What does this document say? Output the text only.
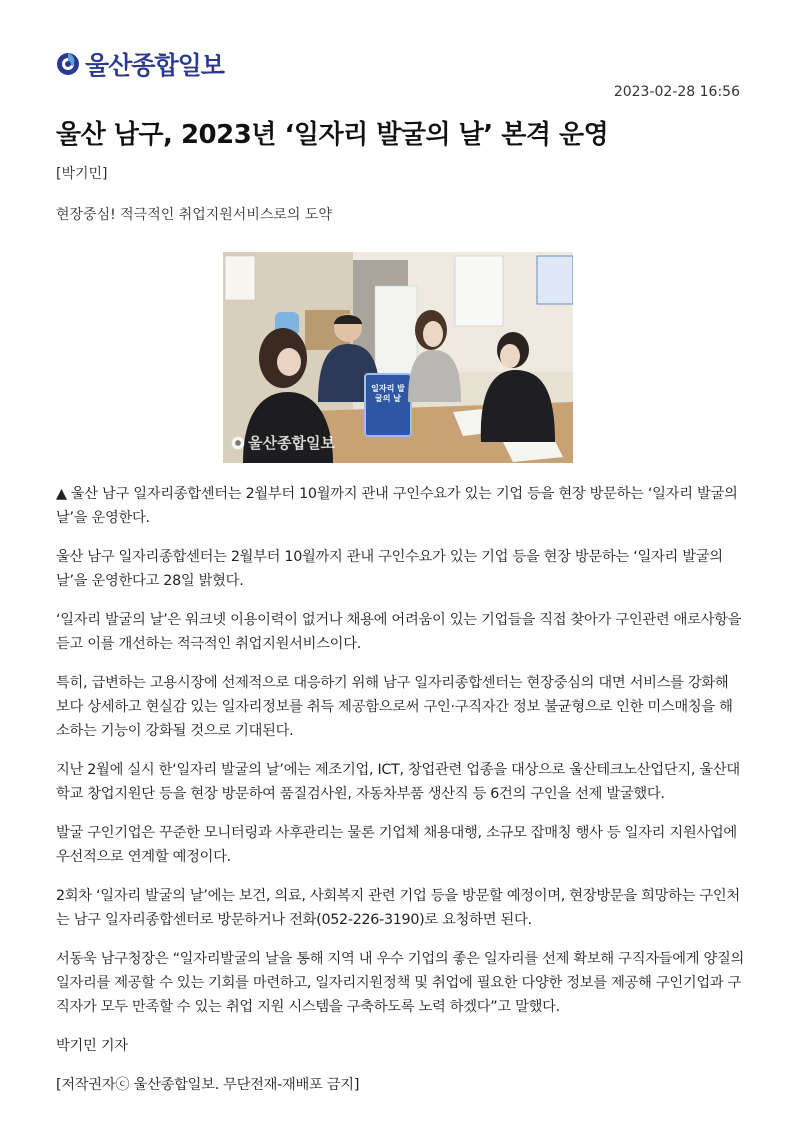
울산종합일보
2023-02-28 16:56
울산 남구, 2023년 ‘일자리 발굴의 날’ 본격 운영
[박기민]
현장중심! 적극적인 취업지원서비스로의 도약
일자리 발굴의 날
울산종합일보

▲ 울산 남구 일자리종합센터는 2월부터 10월까지 관내 구인수요가 있는 기업 등을 현장 방문하는 ‘일자리 발굴의 날’을 운영한다.

울산 남구 일자리종합센터는 2월부터 10월까지 관내 구인수요가 있는 기업 등을 현장 방문하는 ‘일자리 발굴의 날’을 운영한다고 28일 밝혔다.

‘일자리 발굴의 날’은 워크넷 이용이력이 없거나 채용에 어려움이 있는 기업들을 직접 찾아가 구인관련 애로사항을 듣고 이를 개선하는 적극적인 취업지원서비스이다.

특히, 급변하는 고용시장에 선제적으로 대응하기 위해 남구 일자리종합센터는 현장중심의 대면 서비스를 강화해 보다 상세하고 현실감 있는 일자리정보를 취득 제공함으로써 구인·구직자간 정보 불균형으로 인한 미스매칭을 해소하는 기능이 강화될 것으로 기대된다.

지난 2월에 실시 한‘일자리 발굴의 날’에는 제조기업, ICT, 창업관련 업종을 대상으로 울산테크노산업단지, 울산대학교 창업지원단 등을 현장 방문하여 품질검사원, 자동차부품 생산직 등 6건의 구인을 선제 발굴했다.

발굴 구인기업은 꾸준한 모니터링과 사후관리는 물론 기업체 채용대행, 소규모 잡매칭 행사 등 일자리 지원사업에 우선적으로 연계할 예정이다.

2회차 ‘일자리 발굴의 날’에는 보건, 의료, 사회복지 관련 기업 등을 방문할 예정이며, 현장방문을 희망하는 구인처는 남구 일자리종합센터로 방문하거나 전화(052-226-3190)로 요청하면 된다.

서동욱 남구청장은 “일자리발굴의 날을 통해 지역 내 우수 기업의 좋은 일자리를 선제 확보해 구직자들에게 양질의 일자리를 제공할 수 있는 기회를 마련하고, 일자리지원정책 및 취업에 필요한 다양한 정보를 제공해 구인기업과 구직자가 모두 만족할 수 있는 취업 지원 시스템을 구축하도록 노력 하겠다”고 말했다.

박기민 기자

[저작권자ⓒ 울산종합일보. 무단전재-재배포 금지]
